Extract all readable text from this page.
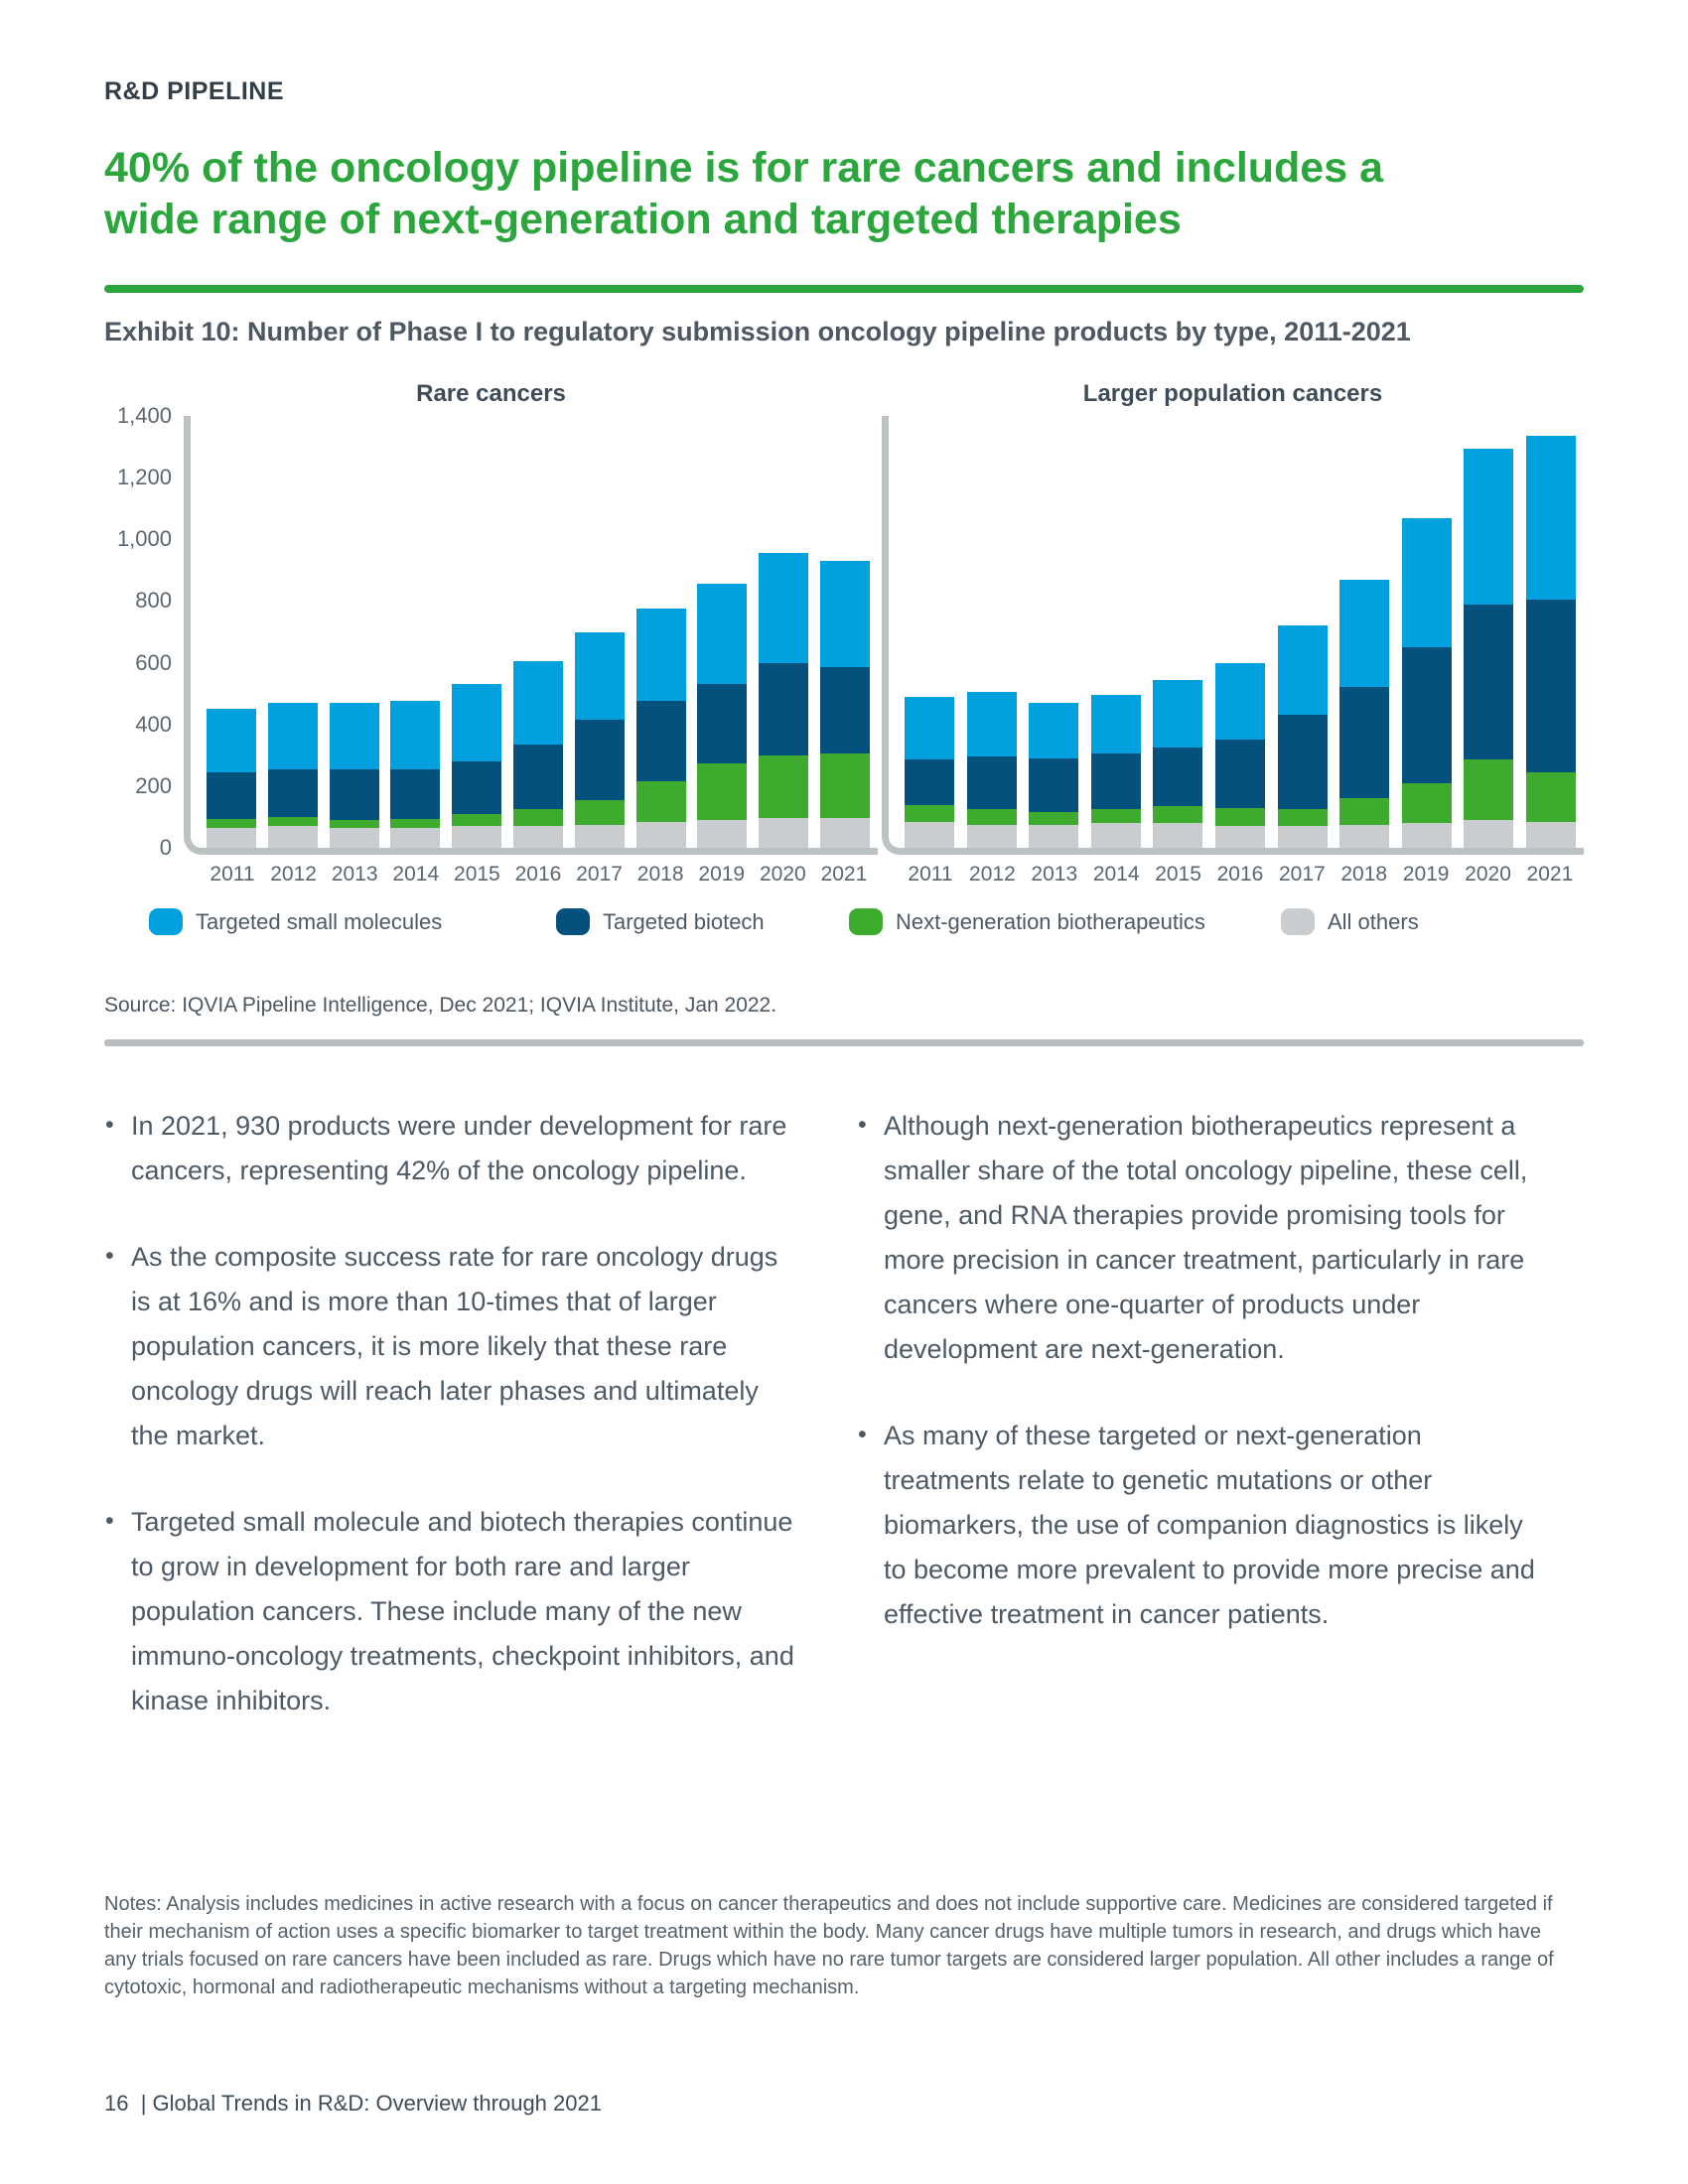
R&D PIPELINE
40% of the oncology pipeline is for rare cancers and includes a
wide range of next-generation and targeted therapies
Exhibit 10: Number of Phase I to regulatory submission oncology pipeline products by type, 2011-2021
Rare cancers
1,400
1,200
1,000
800
600
400
200
0
2011 2012 2013 2014 2015 2016 2017 2018 2019 2020 2021
Larger population cancers
2011 2012 2013 2014 2015 2016 2017 2018 2019 2020 2021
Targeted small molecules	Targeted biotech	Next-generation biotherapeutics	All others
Source: IQVIA Pipeline Intelligence, Dec 2021; IQVIA Institute, Jan 2022.
• In 2021, 930 products were under development for rare cancers, representing 42% of the oncology pipeline.
• As the composite success rate for rare oncology drugs is at 16% and is more than 10-times that of larger population cancers, it is more likely that these rare oncology drugs will reach later phases and ultimately the market.
• Targeted small molecule and biotech therapies continue to grow in development for both rare and larger population cancers. These include many of the new immuno-oncology treatments, checkpoint inhibitors, and kinase inhibitors.
• Although next-generation biotherapeutics represent a smaller share of the total oncology pipeline, these cell, gene, and RNA therapies provide promising tools for more precision in cancer treatment, particularly in rare cancers where one-quarter of products under development are next-generation.
• As many of these targeted or next-generation treatments relate to genetic mutations or other biomarkers, the use of companion diagnostics is likely to become more prevalent to provide more precise and effective treatment in cancer patients.
Notes: Analysis includes medicines in active research with a focus on cancer therapeutics and does not include supportive care. Medicines are considered targeted if their mechanism of action uses a specific biomarker to target treatment within the body. Many cancer drugs have multiple tumors in research, and drugs which have any trials focused on rare cancers have been included as rare. Drugs which have no rare tumor targets are considered larger population. All other includes a range of cytotoxic, hormonal and radiotherapeutic mechanisms without a targeting mechanism.
16  | Global Trends in R&D: Overview through 2021
